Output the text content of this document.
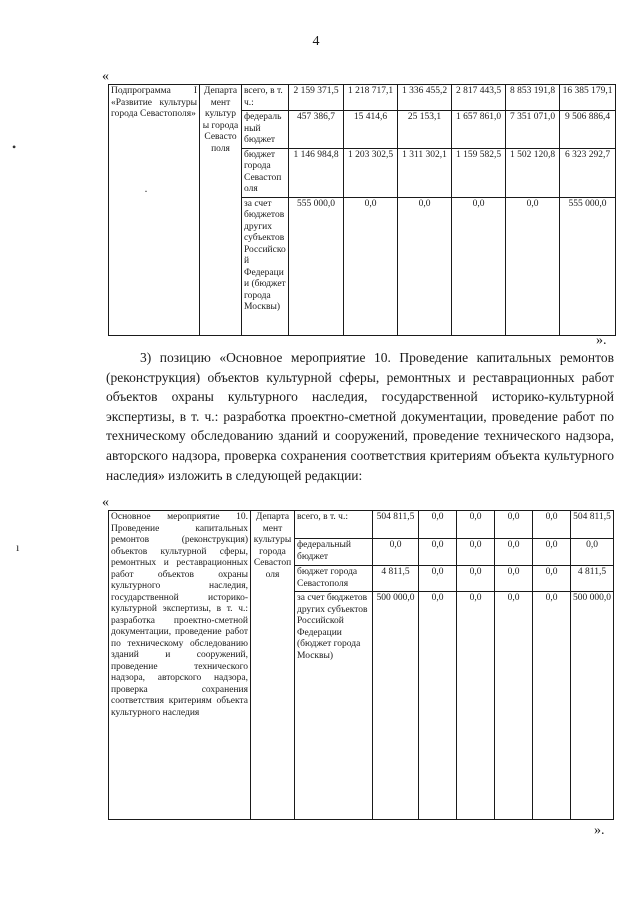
4
•
·
ı
«
Подпрограмма I «Развитие культуры города Севастополя»	Департамент культуры города Севастополя	всего, в т. ч.:	2 159 371,5	1 218 717,1	1 336 455,2	2 817 443,5	8 853 191,8	16 385 179,1
		федеральный бюджет	457 386,7	15 414,6	25 153,1	1 657 861,0	7 351 071,0	9 506 886,4
		бюджет города Севастополя	1 146 984,8	1 203 302,5	1 311 302,1	1 159 582,5	1 502 120,8	6 323 292,7
		за счет бюджетов других субъектов Российской Федерации (бюджет города Москвы)	555 000,0	0,0	0,0	0,0	0,0	555 000,0
».

3) позицию «Основное мероприятие 10. Проведение капитальных ремонтов (реконструкция) объектов культурной сферы, ремонтных и реставрационных работ объектов охраны культурного наследия, государственной историко-культурной экспертизы, в т. ч.: разработка проектно-сметной документации, проведение работ по техническому обследованию зданий и сооружений, проведение технического надзора, авторского надзора, проверка сохранения соответствия критериям объекта культурного наследия» изложить в следующей редакции:

«
Основное мероприятие 10. Проведение капитальных ремонтов (реконструкция) объектов культурной сферы, ремонтных и реставрационных работ объектов охраны культурного наследия, государственной историко-культурной экспертизы, в т. ч.: разработка проектно-сметной документации, проведение работ по техническому обследованию зданий и сооружений, проведение технического надзора, авторского надзора, проверка сохранения соответствия критериям объекта культурного наследия	Департамент культуры города Севастополя	всего, в т. ч.:	504 811,5	0,0	0,0	0,0	0,0	504 811,5
		федеральный бюджет	0,0	0,0	0,0	0,0	0,0	0,0
		бюджет города Севастополя	4 811,5	0,0	0,0	0,0	0,0	4 811,5
		за счет бюджетов других субъектов Российской Федерации (бюджет города Москвы)	500 000,0	0,0	0,0	0,0	0,0	500 000,0
».
